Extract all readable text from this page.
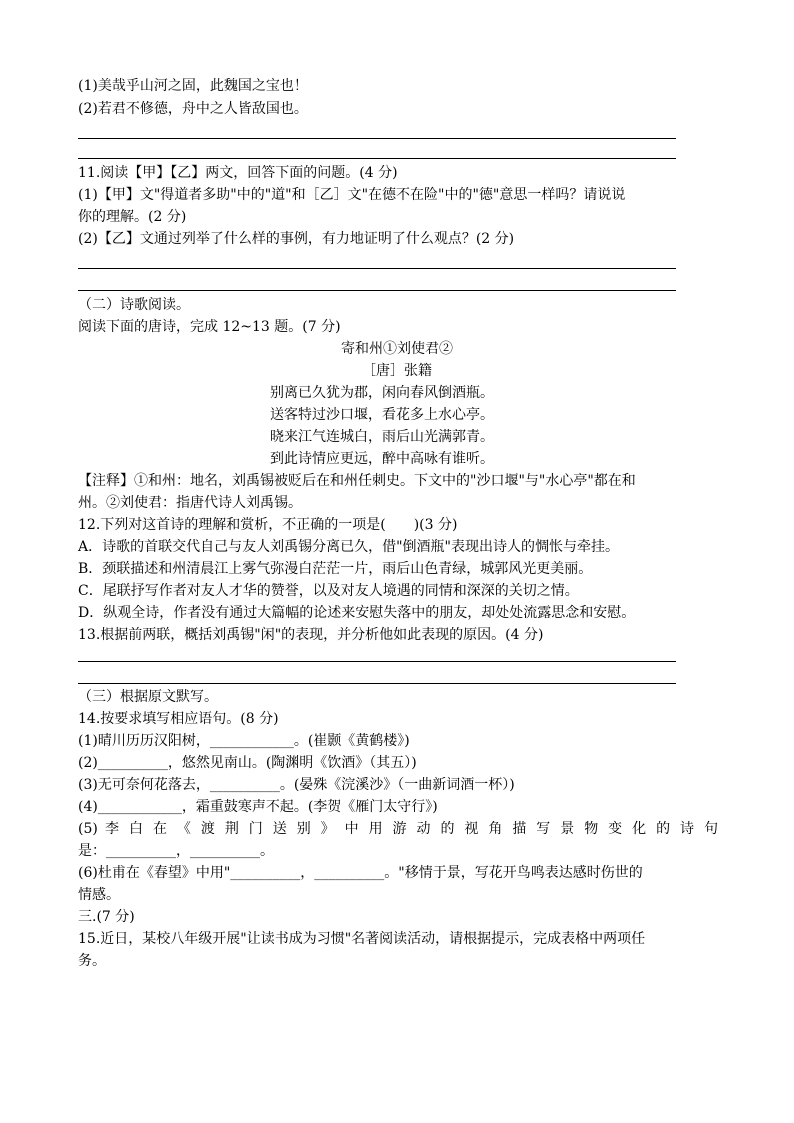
(1)美哉乎山河之固，此魏国之宝也！
(2)若君不修德，舟中之人皆敌国也。
11.阅读【甲】【乙】两文，回答下面的问题。(4 分)
(1)【甲】文"得道者多助"中的"道"和［乙］文"在德不在险"中的"德"意思一样吗？请说说
你的理解。(2 分)
(2)【乙】文通过列举了什么样的事例，有力地证明了什么观点？(2 分)
（二）诗歌阅读。
阅读下面的唐诗，完成 12~13 题。(7 分)
寄和州①刘使君②
［唐］张籍
别离已久犹为郡，闲向春风倒酒瓶。
送客特过沙口堰，看花多上水心亭。
晓来江气连城白，雨后山光满郭青。
到此诗情应更远，醉中高咏有谁听。
【注释】①和州：地名，刘禹锡被贬后在和州任刺史。下文中的"沙口堰"与"水心亭"都在和
州。②刘使君：指唐代诗人刘禹锡。
12.下列对这首诗的理解和赏析，不正确的一项是(　　)(3 分)
A．诗歌的首联交代自己与友人刘禹锡分离已久，借"倒酒瓶"表现出诗人的惆怅与牵挂。
B．颈联描述和州清晨江上雾气弥漫白茫茫一片，雨后山色青绿，城郭风光更美丽。
C．尾联抒写作者对友人才华的赞誉，以及对友人境遇的同情和深深的关切之情。
D．纵观全诗，作者没有通过大篇幅的论述来安慰失落中的朋友，却处处流露思念和安慰。
13.根据前两联，概括刘禹锡"闲"的表现，并分析他如此表现的原因。(4 分)
（三）根据原文默写。
14.按要求填写相应语句。(8 分)
(1)晴川历历汉阳树，____________。(崔颢《黄鹤楼》)
(2)__________，悠然见南山。(陶渊明《饮酒》（其五）)
(3)无可奈何花落去，__________。(晏殊《浣溪沙》（一曲新词酒一杯）)
(4)____________，霜重鼓寒声不起。(李贺《雁门太守行》)
(5) 李 白 在 《 渡 荆 门 送 别 》 中 用 游 动 的 视 角 描 写 景 物 变 化 的 诗 句
是：__________，__________。
(6)杜甫在《春望》中用"__________，__________。"移情于景，写花开鸟鸣表达感时伤世的
情感。
三.(7 分)
15.近日，某校八年级开展"让读书成为习惯"名著阅读活动，请根据提示，完成表格中两项任
务。
